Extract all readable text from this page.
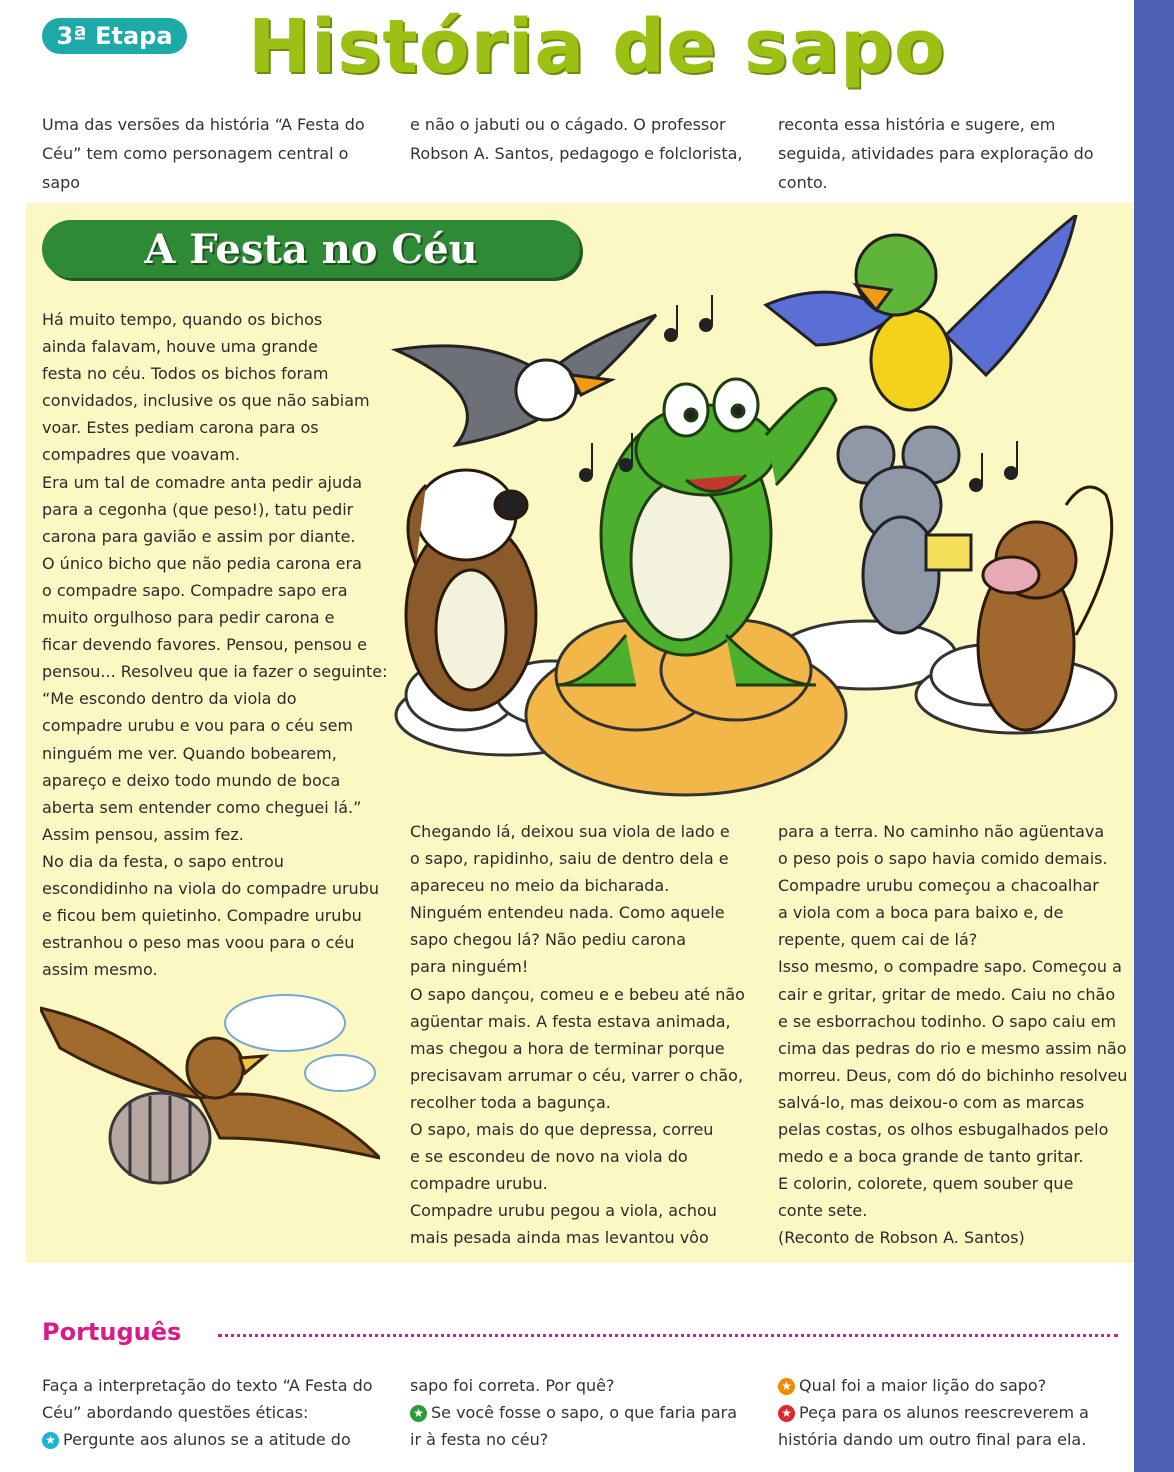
3ª Etapa História de sapo
Uma das versões da história “A Festa do Céu” tem como personagem central o sapo
e não o jabuti ou o cágado. O professor Robson A. Santos, pedagogo e folclorista,
reconta essa história e sugere, em seguida, atividades para exploração do conto.
A Festa no Céu
Há muito tempo, quando os bichos
ainda falavam, houve uma grande
festa no céu. Todos os bichos foram
convidados, inclusive os que não sabiam
voar. Estes pediam carona para os
compadres que voavam.
Era um tal de comadre anta pedir ajuda
para a cegonha (que peso!), tatu pedir
carona para gavião e assim por diante.
O único bicho que não pedia carona era
o compadre sapo. Compadre sapo era
muito orgulhoso para pedir carona e
ficar devendo favores. Pensou, pensou e
pensou... Resolveu que ia fazer o seguinte:
“Me escondo dentro da viola do
compadre urubu e vou para o céu sem
ninguém me ver. Quando bobearem,
apareço e deixo todo mundo de boca
aberta sem entender como cheguei lá.”
Assim pensou, assim fez.
No dia da festa, o sapo entrou
escondidinho na viola do compadre urubu
e ficou bem quietinho. Compadre urubu
estranhou o peso mas voou para o céu
assim mesmo.
Chegando lá, deixou sua viola de lado e
o sapo, rapidinho, saiu de dentro dela e
apareceu no meio da bicharada.
Ninguém entendeu nada. Como aquele
sapo chegou lá? Não pediu carona
para ninguém!
O sapo dançou, comeu e e bebeu até não
agüentar mais. A festa estava animada,
mas chegou a hora de terminar porque
precisavam arrumar o céu, varrer o chão,
recolher toda a bagunça.
O sapo, mais do que depressa, correu
e se escondeu de novo na viola do
compadre urubu.
Compadre urubu pegou a viola, achou
mais pesada ainda mas levantou vôo
para a terra. No caminho não agüentava
o peso pois o sapo havia comido demais.
Compadre urubu começou a chacoalhar
a viola com a boca para baixo e, de
repente, quem cai de lá?
Isso mesmo, o compadre sapo. Começou a
cair e gritar, gritar de medo. Caiu no chão
e se esborrachou todinho. O sapo caiu em
cima das pedras do rio e mesmo assim não
morreu. Deus, com dó do bichinho resolveu
salvá-lo, mas deixou-o com as marcas
pelas costas, os olhos esbugalhados pelo
medo e a boca grande de tanto gritar.
E colorin, colorete, quem souber que
conte sete.
(Reconto de Robson A. Santos)
Português
Faça a interpretação do texto “A Festa do Céu” abordando questões éticas:
★ Pergunte aos alunos se a atitude do
sapo foi correta. Por quê?
★ Se você fosse o sapo, o que faria para ir à festa no céu?
★ Qual foi a maior lição do sapo?
★ Peça para os alunos reescreverem a história dando um outro final para ela.
